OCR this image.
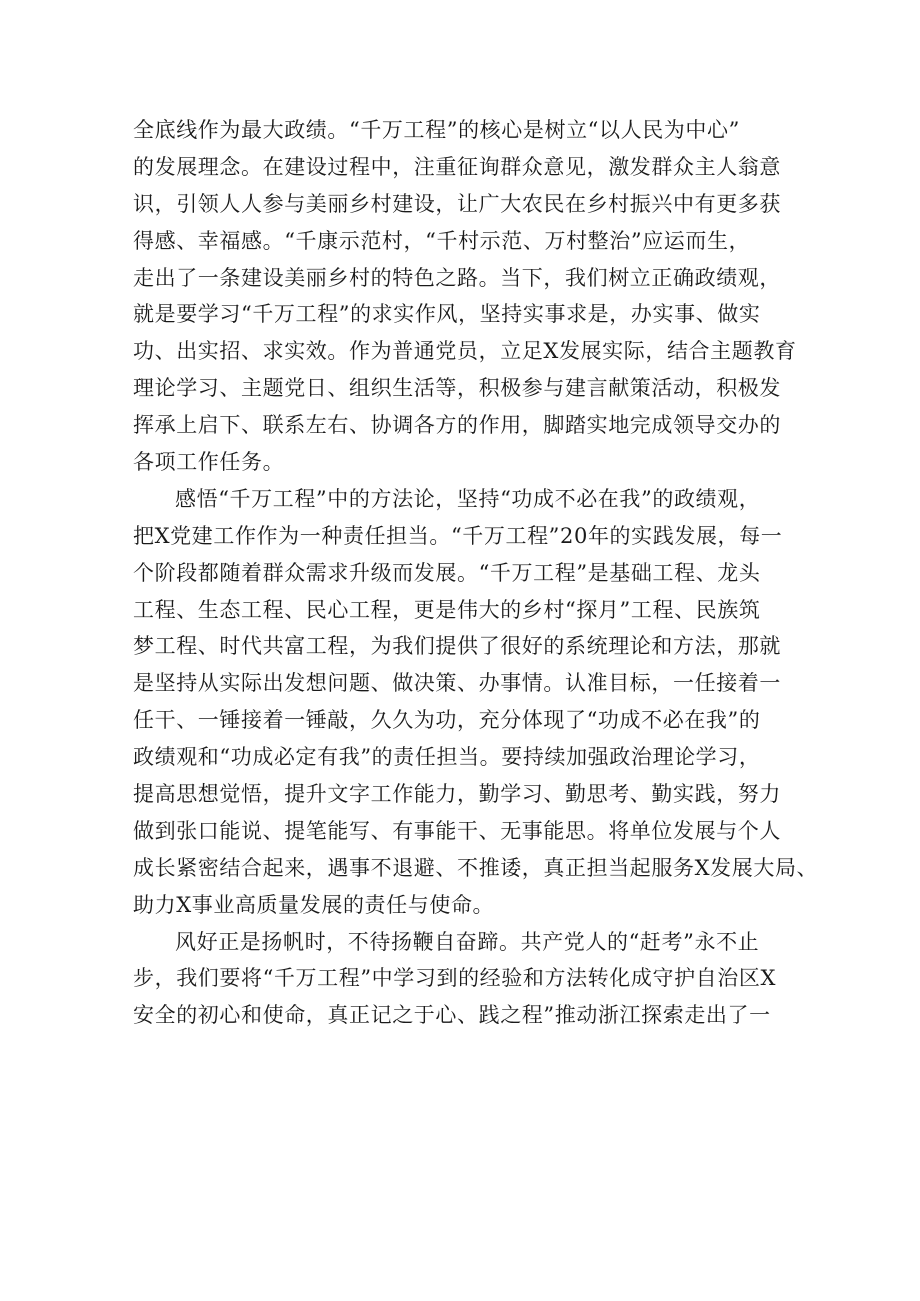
全底线作为最大政绩。“千万工程”的核心是树立“以人民为中心”
的发展理念。在建设过程中，注重征询群众意见，激发群众主人翁意
识，引领人人参与美丽乡村建设，让广大农民在乡村振兴中有更多获
得感、幸福感。“千康示范村，“千村示范、万村整治”应运而生，
走出了一条建设美丽乡村的特色之路。当下，我们树立正确政绩观，
就是要学习“千万工程”的求实作风，坚持实事求是，办实事、做实
功、出实招、求实效。作为普通党员，立足X发展实际，结合主题教育
理论学习、主题党日、组织生活等，积极参与建言献策活动，积极发
挥承上启下、联系左右、协调各方的作用，脚踏实地完成领导交办的
各项工作任务。
感悟“千万工程”中的方法论，坚持“功成不必在我”的政绩观，
把X党建工作作为一种责任担当。“千万工程”20年的实践发展，每一
个阶段都随着群众需求升级而发展。“千万工程”是基础工程、龙头
工程、生态工程、民心工程，更是伟大的乡村“探月”工程、民族筑
梦工程、时代共富工程，为我们提供了很好的系统理论和方法，那就
是坚持从实际出发想问题、做决策、办事情。认准目标，一任接着一
任干、一锤接着一锤敲，久久为功，充分体现了“功成不必在我”的
政绩观和“功成必定有我”的责任担当。要持续加强政治理论学习，
提高思想觉悟，提升文字工作能力，勤学习、勤思考、勤实践，努力
做到张口能说、提笔能写、有事能干、无事能思。将单位发展与个人
成长紧密结合起来，遇事不退避、不推诿，真正担当起服务X发展大局、
助力X事业高质量发展的责任与使命。
风好正是扬帆时，不待扬鞭自奋蹄。共产党人的“赶考”永不止
步，我们要将“千万工程”中学习到的经验和方法转化成守护自治区X
安全的初心和使命，真正记之于心、践之程”推动浙江探索走出了一
